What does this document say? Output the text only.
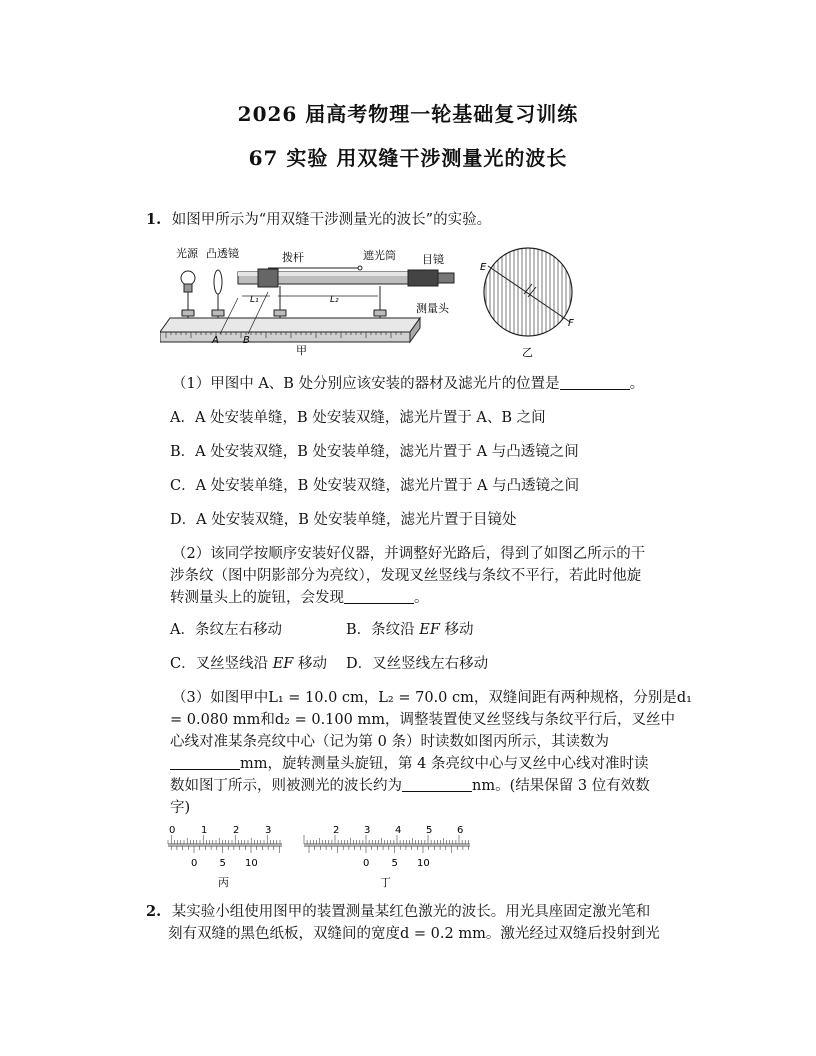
2026 届高考物理一轮基础复习训练
67 实验 用双缝干涉测量光的波长
1. 如图甲所示为“用双缝干涉测量光的波长”的实验。
L₁	L₂
光源 凸透镜	拨杆	遮光筒 目镜
测量头
A B
甲
E
F
乙
（1）甲图中 A、B 处分别应该安装的器材及滤光片的位置是	。
A．A 处安装单缝，B 处安装双缝，滤光片置于 A、B 之间
B．A 处安装双缝，B 处安装单缝，滤光片置于 A 与凸透镜之间
C．A 处安装单缝，B 处安装双缝，滤光片置于 A 与凸透镜之间
D．A 处安装双缝，B 处安装单缝，滤光片置于目镜处
（2）该同学按顺序安装好仪器，并调整好光路后，得到了如图乙所示的干
涉条纹（图中阴影部分为亮纹），发现叉丝竖线与条纹不平行，若此时他旋
转测量头上的旋钮，会发现	。
A．条纹左右移动	B．条纹沿 EF 移动
C．叉丝竖线沿 EF 移动 D．叉丝竖线左右移动
（3）如图甲中L₁ = 10.0 cm，L₂ = 70.0 cm，双缝间距有两种规格，分别是d₁
= 0.080 mm和d₂ = 0.100 mm，调整装置使叉丝竖线与条纹平行后，叉丝中
心线对准某条亮纹中心（记为第 0 条）时读数如图丙所示，其读数为
mm，旋转测量头旋钮，第 4 条亮纹中心与叉丝中心线对准时读
数如图丁所示，则被测光的波长约为	nm。(结果保留 3 位有效数
字)
0	1	2	3
0 5 10
丙
2 3 4 5 6
0 5 10
丁
2. 某实验小组使用图甲的装置测量某红色激光的波长。用光具座固定激光笔和
刻有双缝的黑色纸板，双缝间的宽度d = 0.2 mm。激光经过双缝后投射到光
